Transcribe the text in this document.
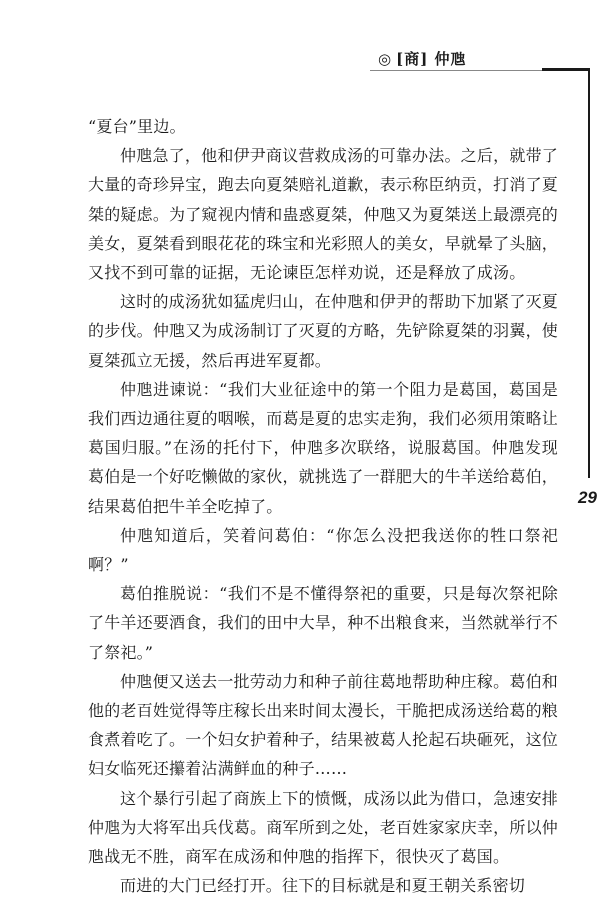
◎ [商] 仲虺
29

“夏台”里边。

仲虺急了，他和伊尹商议营救成汤的可靠办法。之后，就带了大量的奇珍异宝，跑去向夏桀赔礼道歉，表示称臣纳贡，打消了夏桀的疑虑。为了窥视内情和蛊惑夏桀，仲虺又为夏桀送上最漂亮的美女，夏桀看到眼花花的珠宝和光彩照人的美女，早就晕了头脑，又找不到可靠的证据，无论谏臣怎样劝说，还是释放了成汤。

这时的成汤犹如猛虎归山，在仲虺和伊尹的帮助下加紧了灭夏的步伐。仲虺又为成汤制订了灭夏的方略，先铲除夏桀的羽翼，使夏桀孤立无援，然后再进军夏都。

仲虺进谏说：“我们大业征途中的第一个阻力是葛国，葛国是我们西边通往夏的咽喉，而葛是夏的忠实走狗，我们必须用策略让葛国归服。”在汤的托付下，仲虺多次联络，说服葛国。仲虺发现葛伯是一个好吃懒做的家伙，就挑选了一群肥大的牛羊送给葛伯，结果葛伯把牛羊全吃掉了。

仲虺知道后，笑着问葛伯：“你怎么没把我送你的牲口祭祀啊？”

葛伯推脱说：“我们不是不懂得祭祀的重要，只是每次祭祀除了牛羊还要酒食，我们的田中大旱，种不出粮食来，当然就举行不了祭祀。”

仲虺便又送去一批劳动力和种子前往葛地帮助种庄稼。葛伯和他的老百姓觉得等庄稼长出来时间太漫长，干脆把成汤送给葛的粮食煮着吃了。一个妇女护着种子，结果被葛人抡起石块砸死，这位妇女临死还攥着沾满鲜血的种子……

这个暴行引起了商族上下的愤慨，成汤以此为借口，急速安排仲虺为大将军出兵伐葛。商军所到之处，老百姓家家庆幸，所以仲虺战无不胜，商军在成汤和仲虺的指挥下，很快灭了葛国。

而进的大门已经打开。往下的目标就是和夏王朝关系密切
